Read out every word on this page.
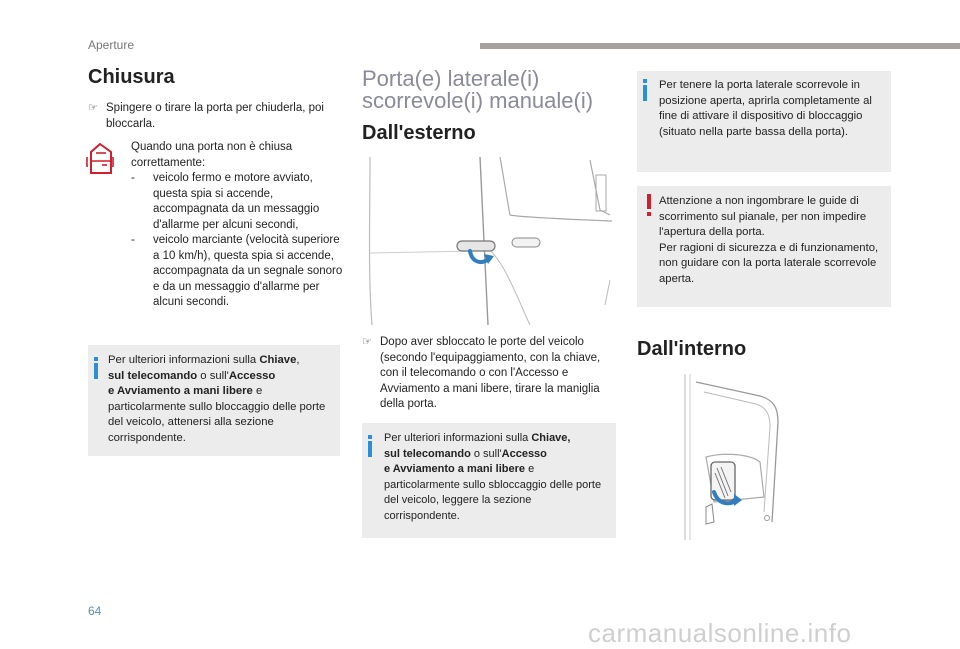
Aperture
Chiusura
☞ Spingere o tirare la porta per chiuderla, poi bloccarla.
Quando una porta non è chiusa correttamente:
-	veicolo fermo e motore avviato, questa spia si accende, accompagnata da un messaggio d'allarme per alcuni secondi,
-	veicolo marciante (velocità superiore a 10 km/h), questa spia si accende, accompagnata da un segnale sonoro e da un messaggio d'allarme per alcuni secondi.
Per ulteriori informazioni sulla Chiave,
sul telecomando o sull'Accesso
e Avviamento a mani libere e
particolarmente sullo bloccaggio delle porte del veicolo, attenersi alla sezione corrispondente.
Porta(e) laterale(i)
scorrevole(i) manuale(i)
Dall'esterno
☞ Dopo aver sbloccato le porte del veicolo (secondo l'equipaggiamento, con la chiave, con il telecomando o con l'Accesso e Avviamento a mani libere, tirare la maniglia della porta.
Per ulteriori informazioni sulla Chiave,
sul telecomando o sull'Accesso
e Avviamento a mani libere e
particolarmente sullo sbloccaggio delle porte del veicolo, leggere la sezione corrispondente.
Per tenere la porta laterale scorrevole in posizione aperta, aprirla completamente al fine di attivare il dispositivo di bloccaggio (situato nella parte bassa della porta).
Attenzione a non ingombrare le guide di scorrimento sul pianale, per non impedire l'apertura della porta.
Per ragioni di sicurezza e di funzionamento, non guidare con la porta laterale scorrevole aperta.
Dall'interno
64
carmanualsonline.info
